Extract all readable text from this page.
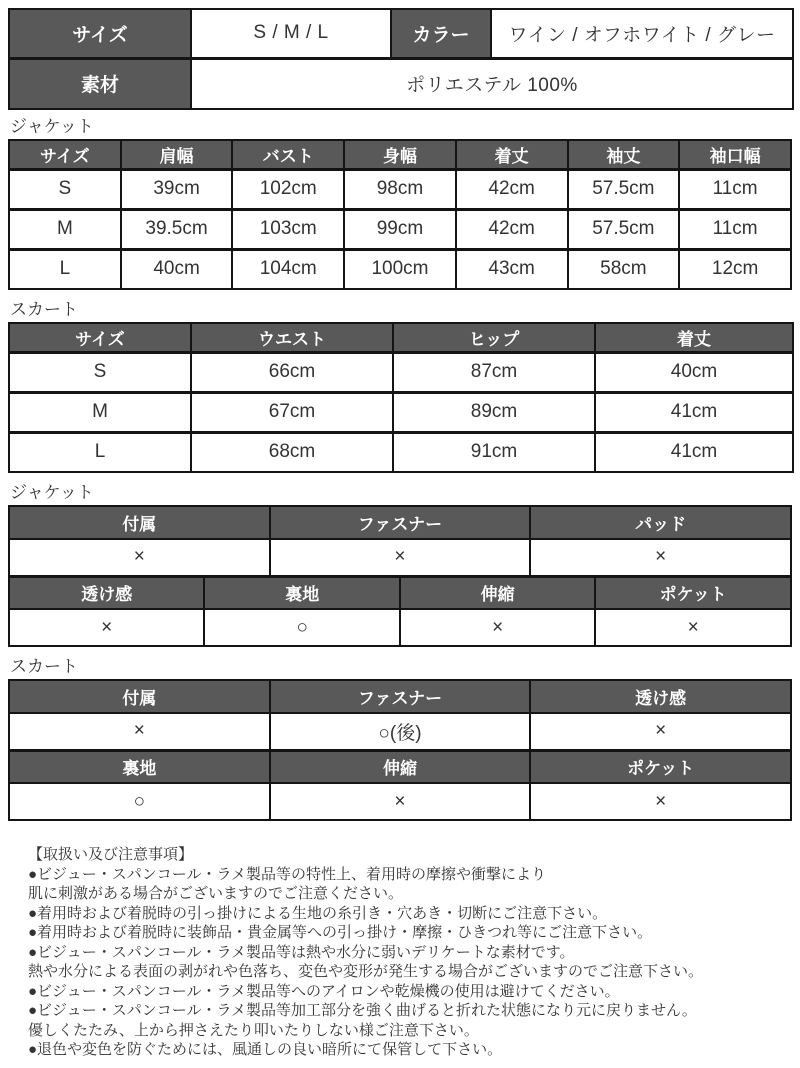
サイズ	S / M / L	カラー	ワイン / オフホワイト / グレー
素材	ポリエステル 100%		
ジャケット
サイズ	肩幅	バスト	身幅	着丈	袖丈	袖口幅
S	39cm	102cm	98cm	42cm	57.5cm	11cm
M	39.5cm	103cm	99cm	42cm	57.5cm	11cm
L	40cm	104cm	100cm	43cm	58cm	12cm
スカート
サイズ	ウエスト	ヒップ	着丈
S	66cm	87cm	40cm
M	67cm	89cm	41cm
L	68cm	91cm	41cm
ジャケット
付属		ファスナー		パッド	
×		×		×	
透け感	裏地		伸縮		ポケット
×	○		×		×
スカート
付属	ファスナー	透け感
×	○(後)	×
裏地	伸縮	ポケット
○	×	×
【取扱い及び注意事項】
●ビジュー・スパンコール・ラメ製品等の特性上、着用時の摩擦や衝撃により
肌に刺激がある場合がございますのでご注意ください。
●着用時および着脱時の引っ掛けによる生地の糸引き・穴あき・切断にご注意下さい。
●着用時および着脱時に装飾品・貴金属等への引っ掛け・摩擦・ひきつれ等にご注意下さい。
●ビジュー・スパンコール・ラメ製品等は熱や水分に弱いデリケートな素材です。
熱や水分による表面の剥がれや色落ち、変色や変形が発生する場合がございますのでご注意下さい。
●ビジュー・スパンコール・ラメ製品等へのアイロンや乾燥機の使用は避けてください。
●ビジュー・スパンコール・ラメ製品等加工部分を強く曲げると折れた状態になり元に戻りません。
優しくたたみ、上から押さえたり叩いたりしない様ご注意下さい。
●退色や変色を防ぐためには、風通しの良い暗所にて保管して下さい。
